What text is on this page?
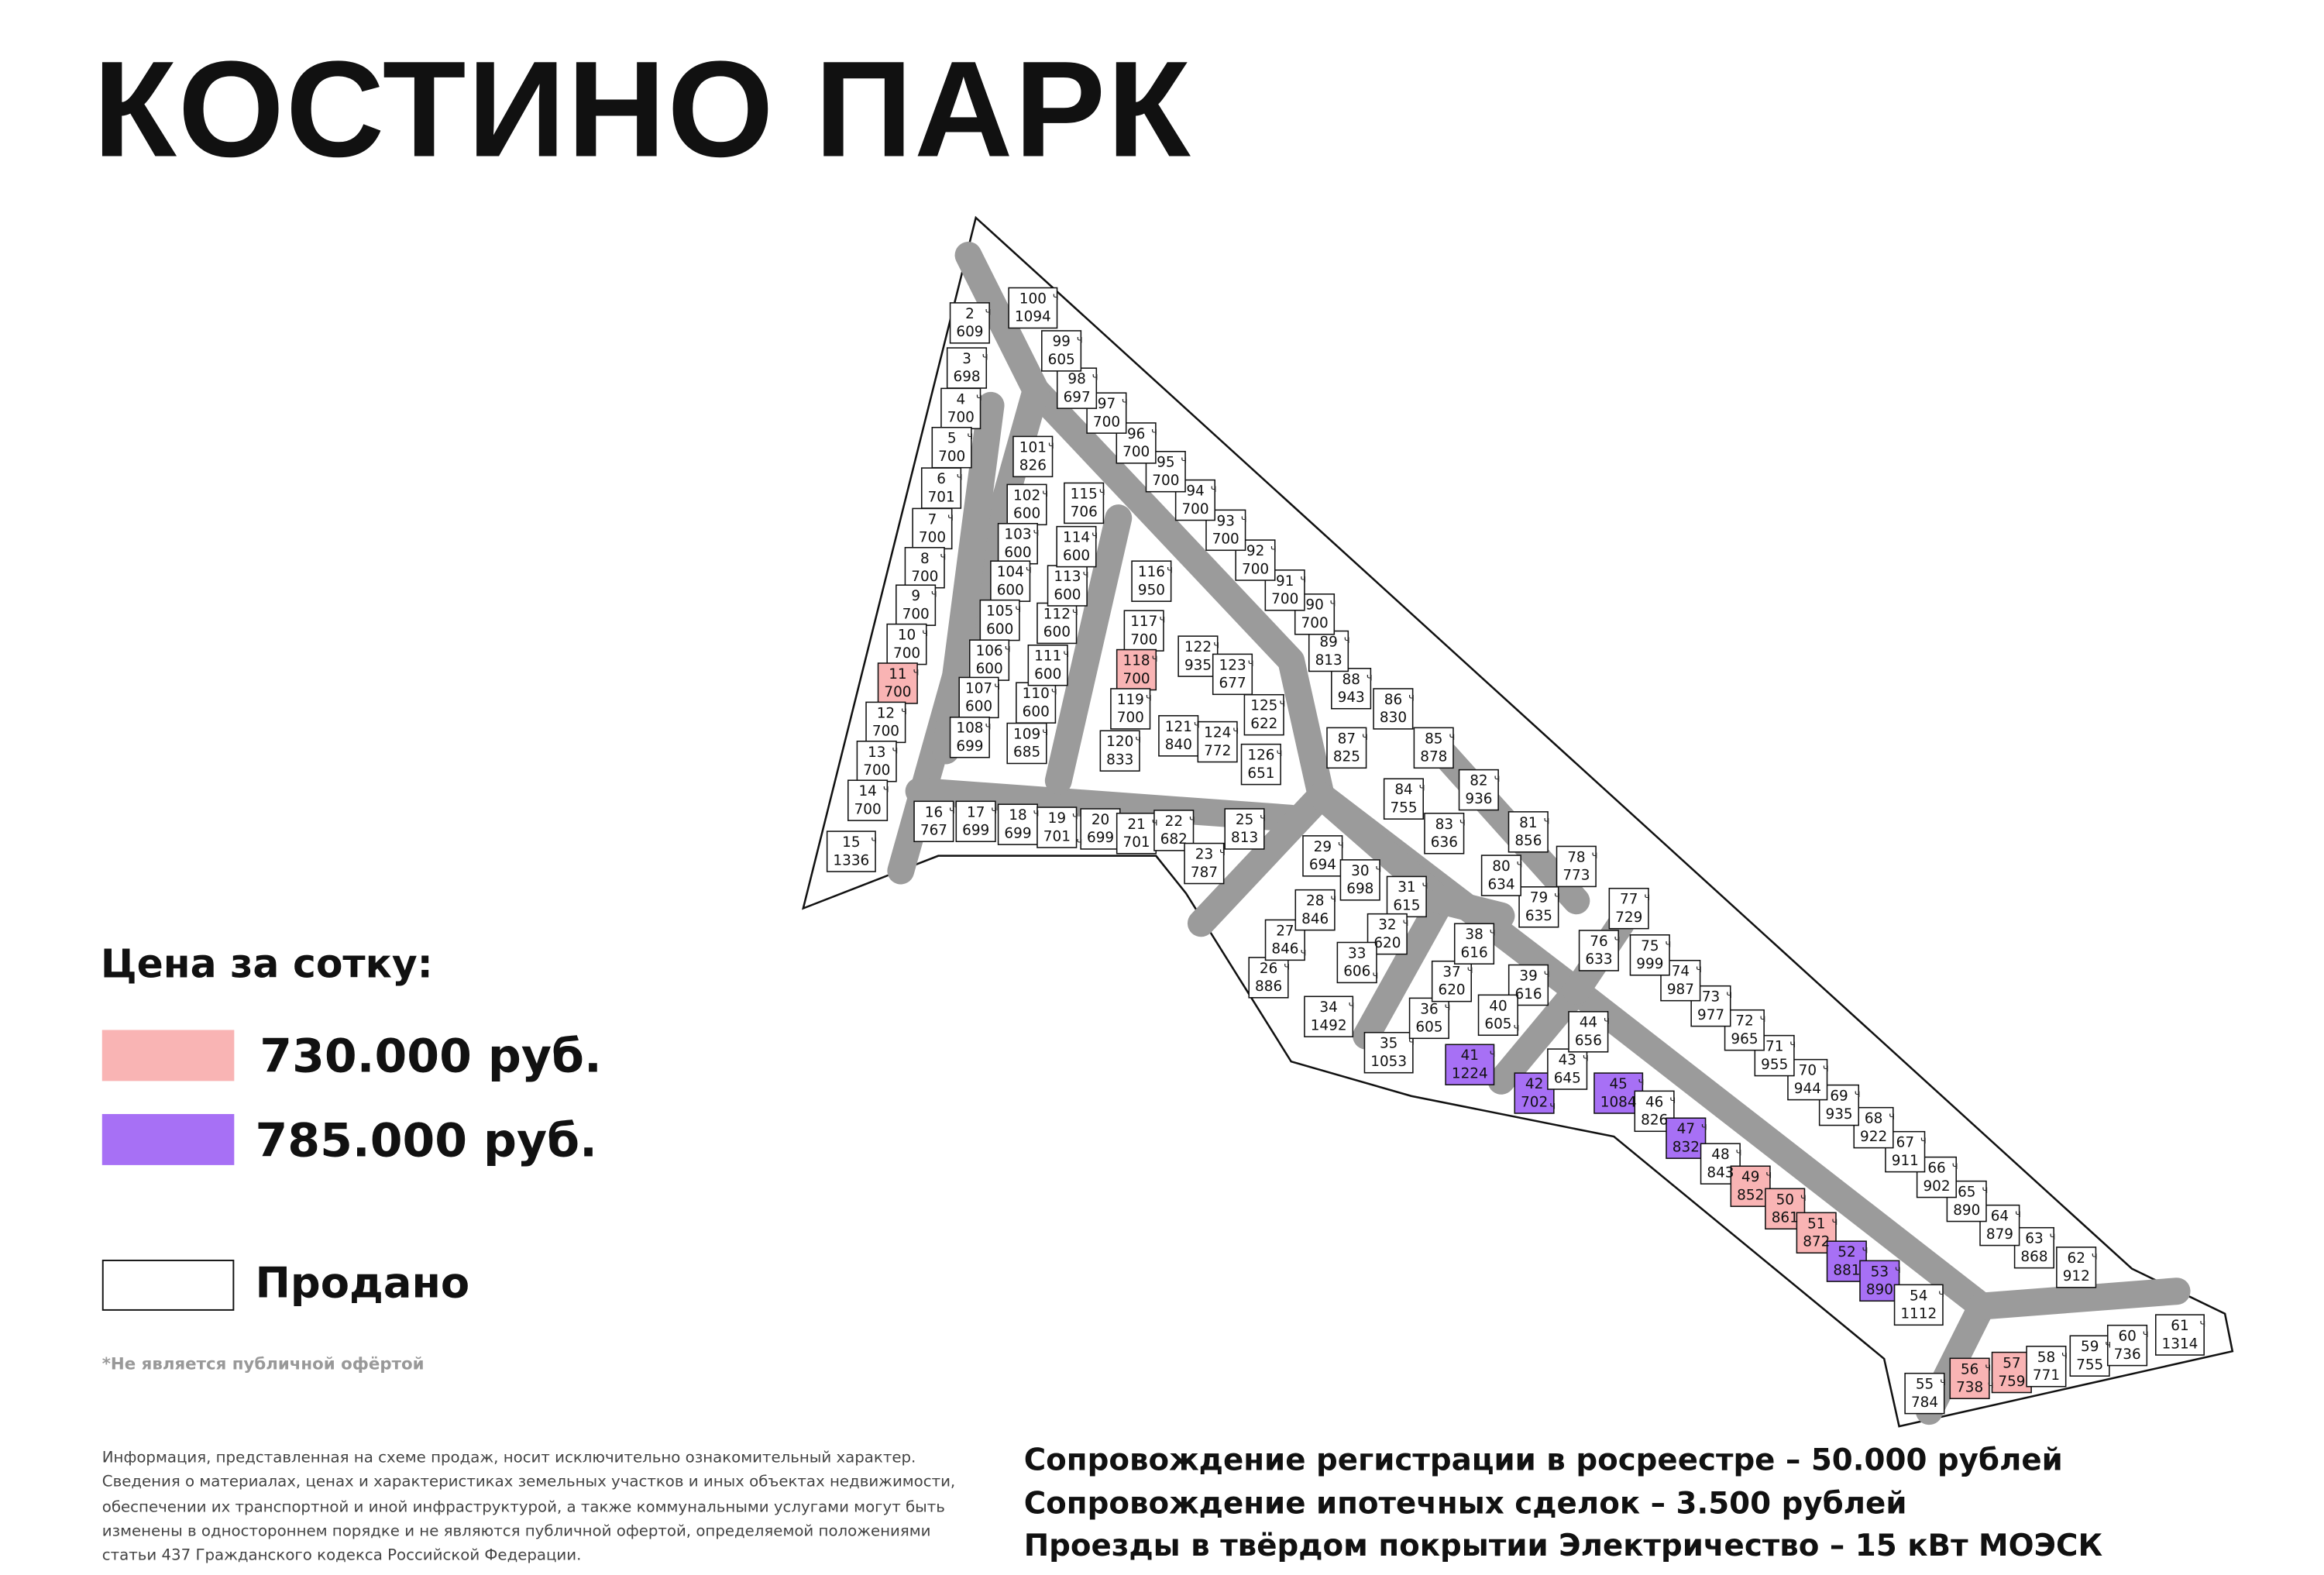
2
609
3
698
4
700
5
700
6
701
7
700
8
700
9
700
10
700
11
700
12
700
13
700
14
700
15
1336
16
767
17
699
18
699
19
701
20
699
21
701
22
682
23
787
25
813
26
886
27
846
28
846
29
694 30
698	31
615
32
620
33
606
34
1492
35
1053
36
605
37
620
38
616
39
616
40
605
41
1224
42
702
43
645
44
656
45
1084 46
826
47
832 48
843 49
852 50
861 51
872
52
881 53
890 54
1112
55
784
56
738
57
759
58
771
59
755
60
736
61
1314
62
912
63
868
64
879
65
890
66
902
67
911
68
922
69
935
70
944
71
955
72
965
73
977
74
987
75
999
76
633
77
729
78
773
79
635
80
634
81
856
82
936
83
636
84
755
85
878
86
830
87
825
88
943
89
813
90
700
91
700
92
700
93
700
94
700
95
700
96
700
97
700
98
697
99
605
100
1094
101
826
102
600
103
600
104
600
105
600
106
600
107
600
108
699
109
685
110
600
111
600
112
600
113
600
114
600
115
706
116
950
117
700
118
700
119
700
120
833
121
840
122
935 123
677
124
772
125
622
126
651
ч
ч
ч
ч
ч
ч
ч
ч
ч
ч
ч
ч
ч
ч
ч	ч	ч	ч
ч
ч	ч
ч
ч
ч
ч
ч
ч
ч
ч
ч
ч
ч
ч
ч
ч
ч
ч
ч
ч
ч
ч
ч
ч
ч
ч
ч
ч
ч
ч
ч
ч
ч
ч
ч
ч
ч
ч
ч
ч
ч
ч
ч
ч
ч
ч
ч
ч
ч
ч
ч
ч
ч
ч
ч
ч
ч
ч
ч
ч
ч
ч
ч
ч
ч
ч
ч
ч
ч
ч
ч
ч
ч
ч
ч
ч
ч
ч
ч
ч
ч
ч
ч
ч
ч
ч
ч	ч
ч
ч
ч
ч
ч
ч
ч
ч
ч
ч
ч
ч
ч
ч
ч
ч
ч
КОСТИНО ПАРК
Цена за сотку:
730.000 руб.
785.000 руб.
Продано
*Не является публичной офёртой
Информация, представленная на схеме продаж, носит исключительно ознакомительный характер. Сведения о материалах, ценах и характеристиках земельных участков и иных объектах недвижимости, обеспечении их транспортной и иной инфраструктурой, а также коммунальными услугами могут быть изменены в одностороннем порядке и не являются публичной офертой, определяемой положениями статьи 437 Гражданского кодекса Российской Федерации.
Сопровождение регистрации в росреестре – 50.000 рублей
Сопровождение ипотечных сделок – 3.500 рублей
Проезды в твёрдом покрытии Электричество – 15 кВт МОЭСК
